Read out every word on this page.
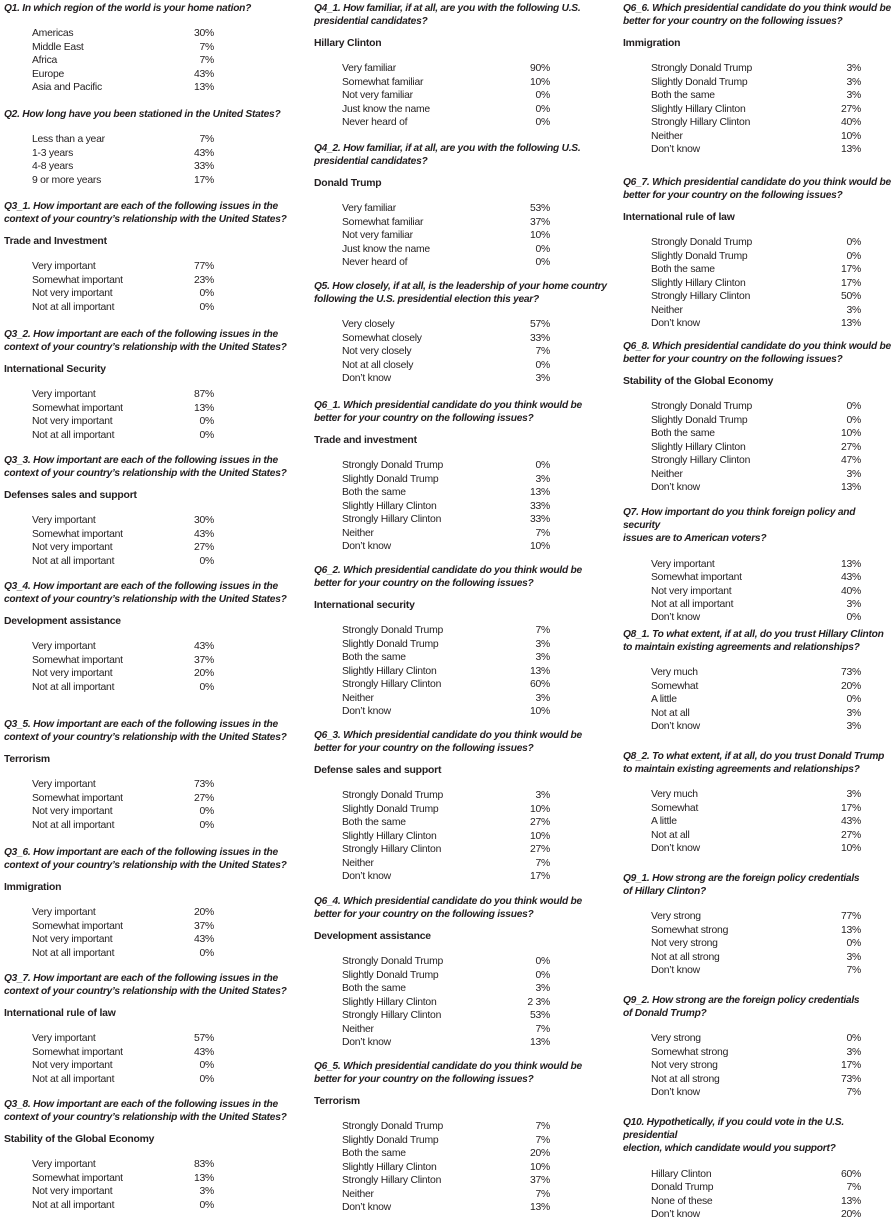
Q1. In which region of the world is your home nation?

Americas	30%
Middle East	7%
Africa	7%
Europe	43%
Asia and Pacific	13%

Q2. How long have you been stationed in the United States?

Less than a year	7%
1-3 years	43%
4-8 years	33%
9 or more years	17%

Q3_1. How important are each of the following issues in the
context of your country’s relationship with the United States?

Trade and Investment

Very important	77%
Somewhat important	23%
Not very important	0%
Not at all important	0%

Q3_2. How important are each of the following issues in the
context of your country’s relationship with the United States?

International Security

Very important	87%
Somewhat important	13%
Not very important	0%
Not at all important	0%

Q3_3. How important are each of the following issues in the
context of your country’s relationship with the United States?

Defenses sales and support

Very important	30%
Somewhat important	43%
Not very important	27%
Not at all important	0%

Q3_4. How important are each of the following issues in the
context of your country’s relationship with the United States?

Development assistance

Very important	43%
Somewhat important	37%
Not very important	20%
Not at all important	0%

Q3_5. How important are each of the following issues in the
context of your country’s relationship with the United States?

Terrorism

Very important	73%
Somewhat important	27%
Not very important	0%
Not at all important	0%

Q3_6. How important are each of the following issues in the
context of your country’s relationship with the United States?

Immigration

Very important	20%
Somewhat important	37%
Not very important	43%
Not at all important	0%

Q3_7. How important are each of the following issues in the
context of your country’s relationship with the United States?

International rule of law

Very important	57%
Somewhat important	43%
Not very important	0%
Not at all important	0%

Q3_8. How important are each of the following issues in the
context of your country’s relationship with the United States?

Stability of the Global Economy

Very important	83%
Somewhat important	13%
Not very important	3%
Not at all important	0%

Q4_1. How familiar, if at all, are you with the following U.S.
presidential candidates?

Hillary Clinton

Very familiar	90%
Somewhat familiar	10%
Not very familiar	0%
Just know the name	0%
Never heard of	0%

Q4_2. How familiar, if at all, are you with the following U.S.
presidential candidates?

Donald Trump

Very familiar	53%
Somewhat familiar	37%
Not very familiar	10%
Just know the name	0%
Never heard of	0%

Q5. How closely, if at all, is the leadership of your home country
following the U.S. presidential election this year?

Very closely	57%
Somewhat closely	33%
Not very closely	7%
Not at all closely	0%
Don’t know	3%

Q6_1. Which presidential candidate do you think would be
better for your country on the following issues?

Trade and investment

Strongly Donald Trump	0%
Slightly Donald Trump	3%
Both the same	13%
Slightly Hillary Clinton	33%
Strongly Hillary Clinton	33%
Neither	7%
Don’t know	10%

Q6_2. Which presidential candidate do you think would be
better for your country on the following issues?

International security

Strongly Donald Trump	7%
Slightly Donald Trump	3%
Both the same	3%
Slightly Hillary Clinton	13%
Strongly Hillary Clinton	60%
Neither	3%
Don’t know	10%

Q6_3. Which presidential candidate do you think would be
better for your country on the following issues?

Defense sales and support

Strongly Donald Trump	3%
Slightly Donald Trump	10%
Both the same	27%
Slightly Hillary Clinton	10%
Strongly Hillary Clinton	27%
Neither	7%
Don’t know	17%

Q6_4. Which presidential candidate do you think would be
better for your country on the following issues?

Development assistance

Strongly Donald Trump	0%
Slightly Donald Trump	0%
Both the same	3%
Slightly Hillary Clinton	2 3%
Strongly Hillary Clinton	53%
Neither	7%
Don’t know	13%

Q6_5. Which presidential candidate do you think would be
better for your country on the following issues?

Terrorism

Strongly Donald Trump	7%
Slightly Donald Trump	7%
Both the same	20%
Slightly Hillary Clinton	10%
Strongly Hillary Clinton	37%
Neither	7%
Don’t know	13%

Q6_6. Which presidential candidate do you think would be
better for your country on the following issues?

Immigration

Strongly Donald Trump	3%
Slightly Donald Trump	3%
Both the same	3%
Slightly Hillary Clinton	27%
Strongly Hillary Clinton	40%
Neither	10%
Don’t know	13%

Q6_7. Which presidential candidate do you think would be
better for your country on the following issues?

International rule of law

Strongly Donald Trump	0%
Slightly Donald Trump	0%
Both the same	17%
Slightly Hillary Clinton	17%
Strongly Hillary Clinton	50%
Neither	3%
Don’t know	13%

Q6_8. Which presidential candidate do you think would be
better for your country on the following issues?

Stability of the Global Economy

Strongly Donald Trump	0%
Slightly Donald Trump	0%
Both the same	10%
Slightly Hillary Clinton	27%
Strongly Hillary Clinton	47%
Neither	3%
Don’t know	13%

Q7. How important do you think foreign policy and security
issues are to American voters?

Very important	13%
Somewhat important	43%
Not very important	40%
Not at all important	3%
Don’t know	0%

Q8_1. To what extent, if at all, do you trust Hillary Clinton
to maintain existing agreements and relationships?

Very much	73%
Somewhat	20%
A little	0%
Not at all	3%
Don’t know	3%

Q8_2. To what extent, if at all, do you trust Donald Trump
to maintain existing agreements and relationships?

Very much	3%
Somewhat	17%
A little	43%
Not at all	27%
Don’t know	10%

Q9_1. How strong are the foreign policy credentials
of Hillary Clinton?

Very strong	77%
Somewhat strong	13%
Not very strong	0%
Not at all strong	3%
Don’t know	7%

Q9_2. How strong are the foreign policy credentials
of Donald Trump?

Very strong	0%
Somewhat strong	3%
Not very strong	17%
Not at all strong	73%
Don’t know	7%

Q10. Hypothetically, if you could vote in the U.S. presidential
election, which candidate would you support?

Hillary Clinton	60%
Donald Trump	7%
None of these	13%
Don’t know	20%
